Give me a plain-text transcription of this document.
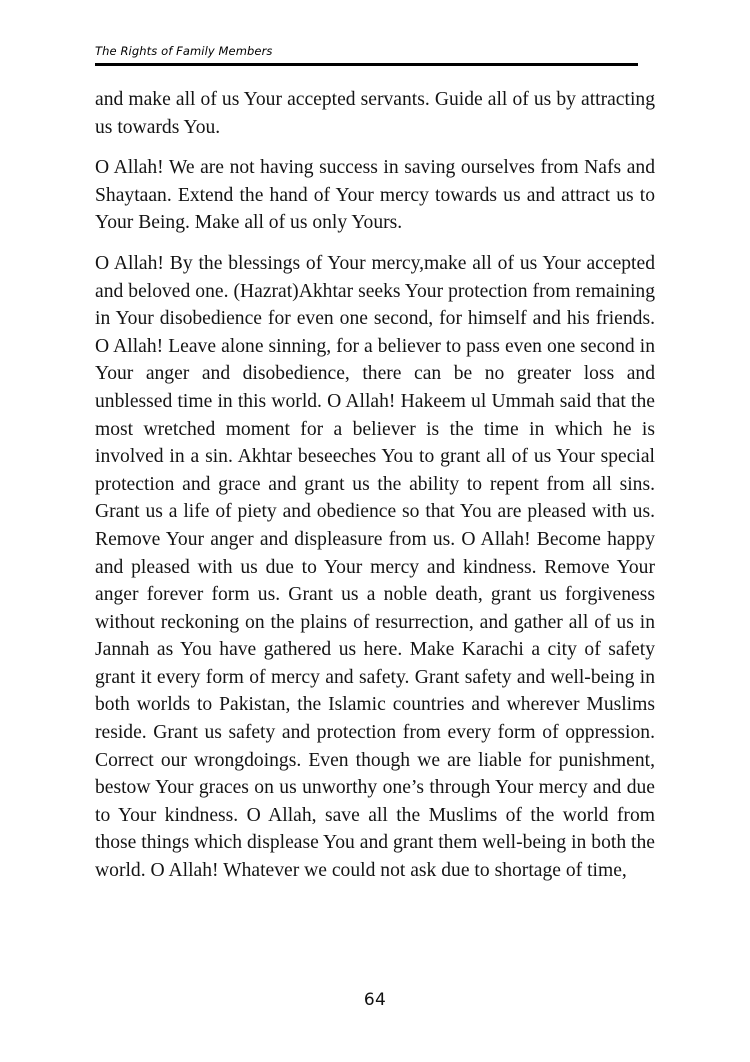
The Rights of Family Members

and make all of us Your accepted servants. Guide all of us by attracting us towards You.

O Allah! We are not having success in saving ourselves from Nafs and Shaytaan. Extend the hand of Your mercy towards us and attract us to Your Being. Make all of us only Yours.

O Allah! By the blessings of Your mercy,make all of us Your accepted and beloved one. (Hazrat)Akhtar seeks Your protection from remaining in Your disobedience for even one second, for himself and his friends. O Allah! Leave alone sinning, for a believer to pass even one second in Your anger and disobedience, there can be no greater loss and unblessed time in this world. O Allah! Hakeem ul Ummah said that the most wretched moment for a believer is the time in which he is involved in a sin. Akhtar beseeches You to grant all of us Your special protection and grace and grant us the ability to repent from all sins. Grant us a life of piety and obedience so that You are pleased with us. Remove Your anger and displeasure from us. O Allah! Become happy and pleased with us due to Your mercy and kindness. Remove Your anger forever form us. Grant us a noble death, grant us forgiveness without reckoning on the plains of resurrection, and gather all of us in Jannah as You have gathered us here. Make Karachi a city of safety grant it every form of mercy and safety. Grant safety and well-being in both worlds to Pakistan, the Islamic countries and wherever Muslims reside. Grant us safety and protection from every form of oppression. Correct our wrongdoings. Even though we are liable for punishment, bestow Your graces on us unworthy one’s through Your mercy and due to Your kindness. O Allah, save all the Muslims of the world from those things which displease You and grant them well-being in both the world. O Allah! Whatever we could not ask due to shortage of time,

64
